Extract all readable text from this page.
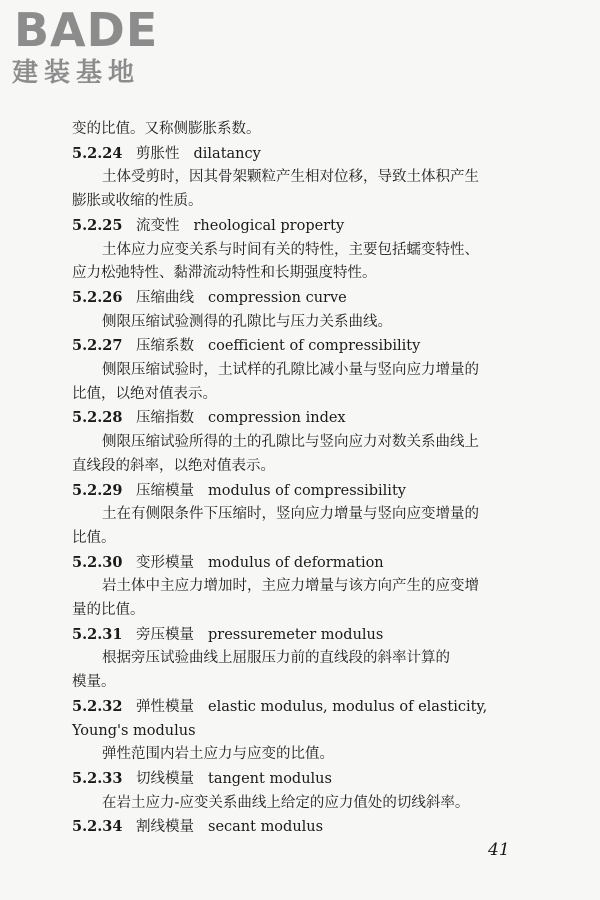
BADE
建装基地
变的比值。又称侧膨胀系数。
5.2.24 剪胀性 dilatancy
土体受剪时，因其骨架颗粒产生相对位移，导致土体积产生
膨胀或收缩的性质。
5.2.25 流变性 rheological property
土体应力应变关系与时间有关的特性，主要包括蠕变特性、
应力松弛特性、黏滞流动特性和长期强度特性。
5.2.26 压缩曲线 compression curve
侧限压缩试验测得的孔隙比与压力关系曲线。
5.2.27 压缩系数 coefficient of compressibility
侧限压缩试验时，土试样的孔隙比减小量与竖向应力增量的
比值，以绝对值表示。
5.2.28 压缩指数 compression index
侧限压缩试验所得的土的孔隙比与竖向应力对数关系曲线上
直线段的斜率，以绝对值表示。
5.2.29 压缩模量 modulus of compressibility
土在有侧限条件下压缩时，竖向应力增量与竖向应变增量的
比值。
5.2.30 变形模量 modulus of deformation
岩土体中主应力增加时，主应力增量与该方向产生的应变增
量的比值。
5.2.31 旁压模量 pressuremeter modulus
根据旁压试验曲线上屈服压力前的直线段的斜率计算的
模量。
5.2.32 弹性模量 elastic modulus, modulus of elasticity,
Young's modulus
弹性范围内岩土应力与应变的比值。
5.2.33 切线模量 tangent modulus
在岩土应力-应变关系曲线上给定的应力值处的切线斜率。
5.2.34 割线模量 secant modulus
41
